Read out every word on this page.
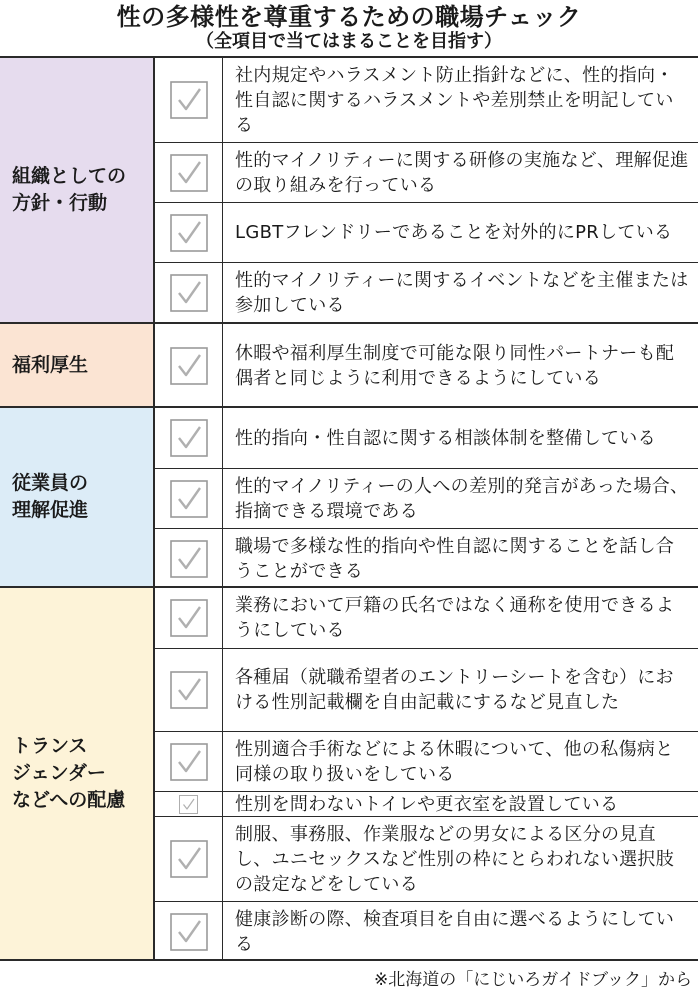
性の多様性を尊重するための職場チェック
（全項目で当てはまることを目指す）
組織としての
方針・行動
社内規定やハラスメント防止指針などに、性的指向・性自認に関するハラスメントや差別禁止を明記している
性的マイノリティーに関する研修の実施など、理解促進の取り組みを行っている
LGBTフレンドリーであることを対外的にPRしている
性的マイノリティーに関するイベントなどを主催または参加している
福利厚生	休暇や福利厚生制度で可能な限り同性パートナーも配偶者と同じように利用できるようにしている
従業員の
理解促進
性的指向・性自認に関する相談体制を整備している
性的マイノリティーの人への差別的発言があった場合、指摘できる環境である
職場で多様な性的指向や性自認に関することを話し合うことができる
トランス
ジェンダー
などへの配慮
業務において戸籍の氏名ではなく通称を使用できるようにしている
各種届（就職希望者のエントリーシートを含む）における性別記載欄を自由記載にするなど見直した
性別適合手術などによる休暇について、他の私傷病と同様の取り扱いをしている
性別を問わないトイレや更衣室を設置している
制服、事務服、作業服などの男女による区分の見直し、ユニセックスなど性別の枠にとらわれない選択肢の設定などをしている
健康診断の際、検査項目を自由に選べるようにしている
※北海道の「にじいろガイドブック」から
